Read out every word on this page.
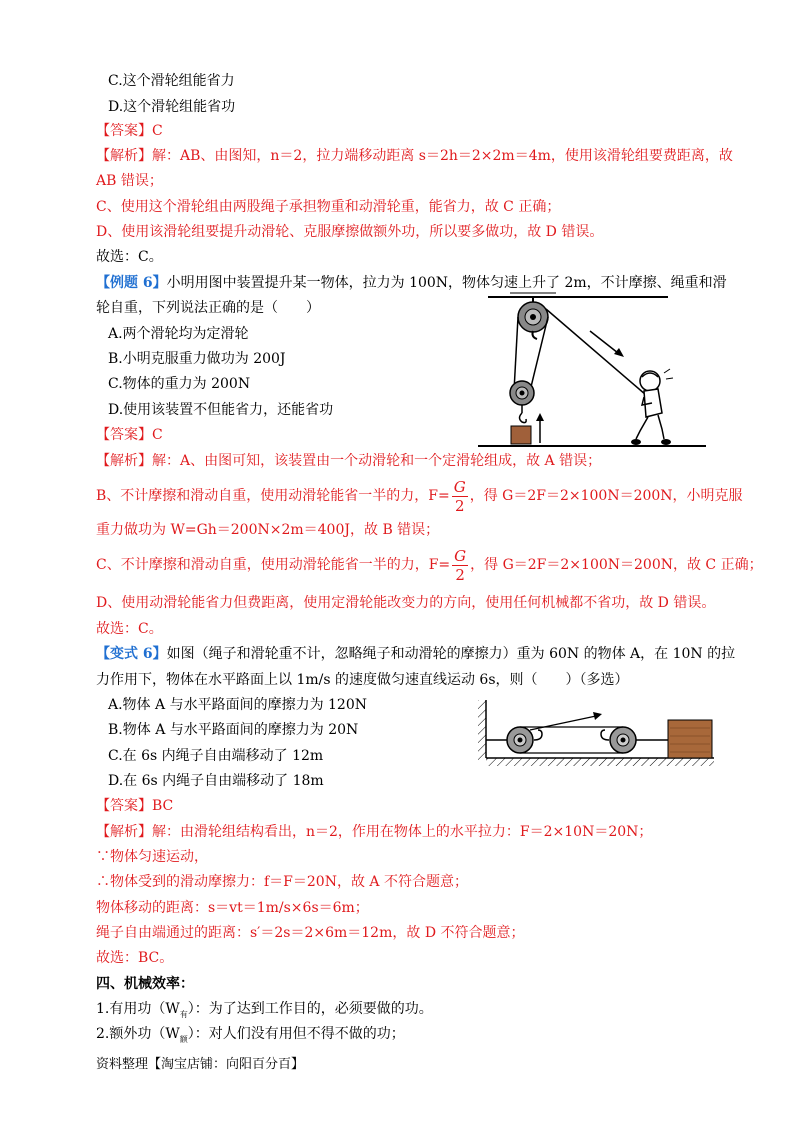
C.这个滑轮组能省力
D.这个滑轮组能省功
【答案】C
【解析】解：AB、由图知，n＝2，拉力端移动距离 s＝2h＝2×2m＝4m，使用该滑轮组要费距离，故
AB 错误；
C、使用这个滑轮组由两股绳子承担物重和动滑轮重，能省力，故 C 正确；
D、使用该滑轮组要提升动滑轮、克服摩擦做额外功，所以要多做功，故 D 错误。
故选：C。
【例题 6】小明用图中装置提升某一物体，拉力为 100N，物体匀速上升了 2m，不计摩擦、绳重和滑
轮自重，下列说法正确的是（　　）
A.两个滑轮均为定滑轮
B.小明克服重力做功为 200J
C.物体的重力为 200N
D.使用该装置不但能省力，还能省功
【答案】C
【解析】解：A、由图可知，该装置由一个动滑轮和一个定滑轮组成，故 A 错误；
B、不计摩擦和滑动自重，使用动滑轮能省一半的力，$F= \frac{G}{2}$ ，得 G＝2F＝2×100N＝200N，小明克服
重力做功为 W=Gh＝200N×2m＝400J，故 B 错误；
C、不计摩擦和滑动自重，使用动滑轮能省一半的力，$F= \frac{G}{2}$ ，得 G＝2F＝2×100N＝200N，故 C 正确；
D、使用动滑轮能省力但费距离，使用定滑轮能改变力的方向，使用任何机械都不省功，故 D 错误。
故选：C。
【变式 6】如图（绳子和滑轮重不计，忽略绳子和动滑轮的摩擦力）重为 60N 的物体 A，在 10N 的拉
力作用下，物体在水平路面上以 1m/s 的速度做匀速直线运动 6s，则（　　）（多选）
A.物体 A 与水平路面间的摩擦力为 120N
B.物体 A 与水平路面间的摩擦力为 20N
C.在 6s 内绳子自由端移动了 12m
D.在 6s 内绳子自由端移动了 18m
【答案】BC
【解析】解：由滑轮组结构看出，n＝2，作用在物体上的水平拉力：F＝2×10N＝20N；
∵物体匀速运动，
∴物体受到的滑动摩擦力：f＝F＝20N，故 A 不符合题意；
物体移动的距离：s＝vt＝1m/s×6s＝6m；
绳子自由端通过的距离：s′＝2s＝2×6m＝12m，故 D 不符合题意；
故选：BC。
四、机械效率：
1.有用功$(W_有)$：为了达到工作目的，必须要做的功。
2.额外功$(W_额)$：对人们没有用但不得不做的功；
资料整理【淘宝店铺：向阳百分百】
